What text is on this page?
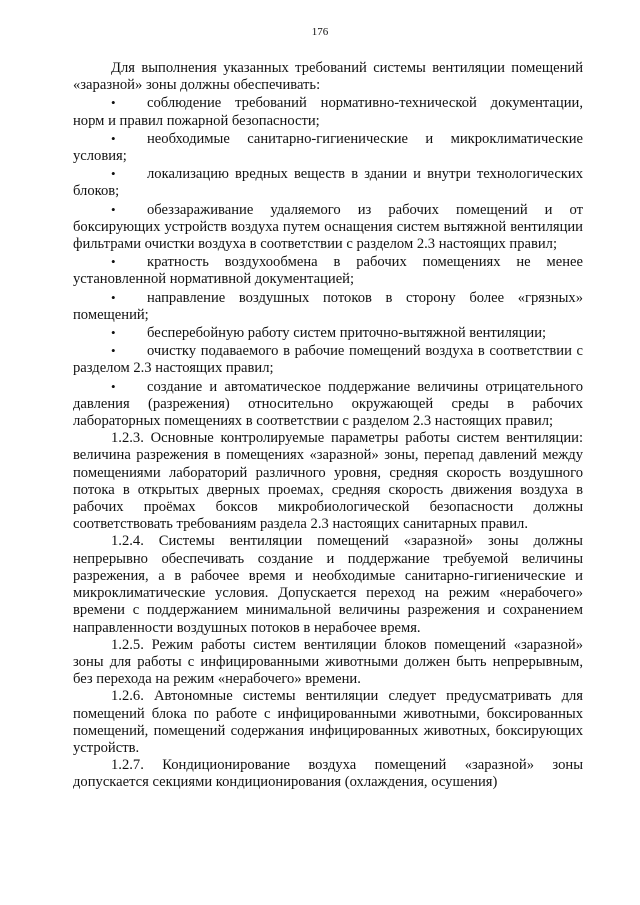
176

Для выполнения указанных требований системы вентиляции помещений «заразной» зоны должны обеспечивать:

• соблюдение требований нормативно-технической документации, норм и правил пожарной безопасности;

• необходимые санитарно-гигиенические и микроклиматические условия;

• локализацию вредных веществ в здании и внутри технологических блоков;

• обеззараживание удаляемого из рабочих помещений и от боксирующих устройств воздуха путем оснащения систем вытяжной вентиляции фильтрами очистки воздуха в соответствии с разделом 2.3 настоящих правил;

• кратность воздухообмена в рабочих помещениях не менее установленной нормативной документацией;

• направление воздушных потоков в сторону более «грязных» помещений;

• бесперебойную работу систем приточно-вытяжной вентиляции;

• очистку подаваемого в рабочие помещений воздуха в соответствии с разделом 2.3 настоящих правил;

• создание и автоматическое поддержание величины отрицательного давления (разрежения) относительно окружающей среды в рабочих лабораторных помещениях в соответствии с разделом 2.3 настоящих правил;

1.2.3. Основные контролируемые параметры работы систем вентиляции: величина разрежения в помещениях «заразной» зоны, перепад давлений между помещениями лабораторий различного уровня, средняя скорость воздушного потока в открытых дверных проемах, средняя скорость движения воздуха в рабочих проёмах боксов микробиологической безопасности должны соответствовать требованиям раздела 2.3 настоящих санитарных правил.

1.2.4. Системы вентиляции помещений «заразной» зоны должны непрерывно обеспечивать создание и поддержание требуемой величины разрежения, а в рабочее время и необходимые санитарно-гигиенические и микроклиматические условия. Допускается переход на режим «нерабочего» времени с поддержанием минимальной величины разрежения и сохранением направленности воздушных потоков в нерабочее время.

1.2.5. Режим работы систем вентиляции блоков помещений «заразной» зоны для работы с инфицированными животными должен быть непрерывным, без перехода на режим «нерабочего» времени.

1.2.6. Автономные системы вентиляции следует предусматривать для помещений блока по работе с инфицированными животными, боксированных помещений, помещений содержания инфицированных животных, боксирующих устройств.

1.2.7. Кондиционирование воздуха помещений «заразной» зоны допускается секциями кондиционирования (охлаждения, осушения)
